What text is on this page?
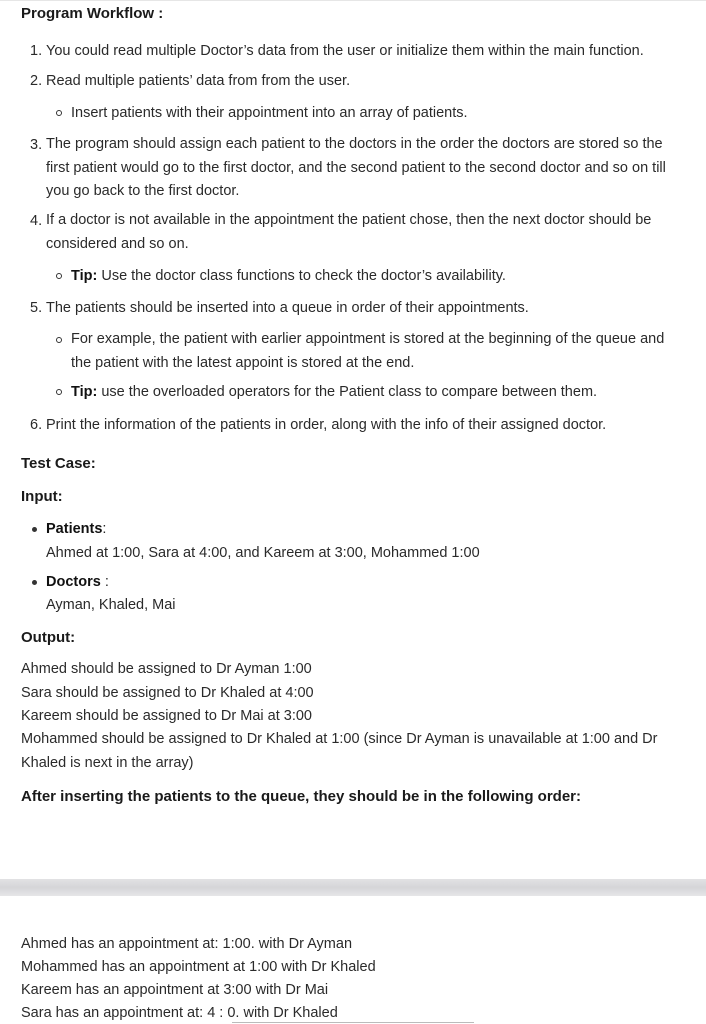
Program Workflow :
1. You could read multiple Doctor’s data from the user or initialize them within the main function.
2. Read multiple patients’ data from from the user.
Insert patients with their appointment into an array of patients.
3. The program should assign each patient to the doctors in the order the doctors are stored so the first patient would go to the first doctor, and the second patient to the second doctor and so on till you go back to the first doctor.
4. If a doctor is not available in the appointment the patient chose, then the next doctor should be considered and so on.
Tip: Use the doctor class functions to check the doctor’s availability.
5. The patients should be inserted into a queue in order of their appointments.
For example, the patient with earlier appointment is stored at the beginning of the queue and the patient with the latest appoint is stored at the end.
Tip: use the overloaded operators for the Patient class to compare between them.
6. Print the information of the patients in order, along with the info of their assigned doctor.
Test Case:
Input:
Patients:
Ahmed at 1:00, Sara at 4:00, and Kareem at 3:00, Mohammed 1:00
Doctors :
Ayman, Khaled, Mai
Output:
Ahmed should be assigned to Dr Ayman 1:00
Sara should be assigned to Dr Khaled at 4:00
Kareem should be assigned to Dr Mai at 3:00
Mohammed should be assigned to Dr Khaled at 1:00 (since Dr Ayman is unavailable at 1:00 and Dr Khaled is next in the array)
After inserting the patients to the queue, they should be in the following order:
Ahmed has an appointment at: 1:00. with Dr Ayman
Mohammed has an appointment at 1:00 with Dr Khaled
Kareem has an appointment at 3:00 with Dr Mai
Sara has an appointment at: 4 : 0. with Dr Khaled
